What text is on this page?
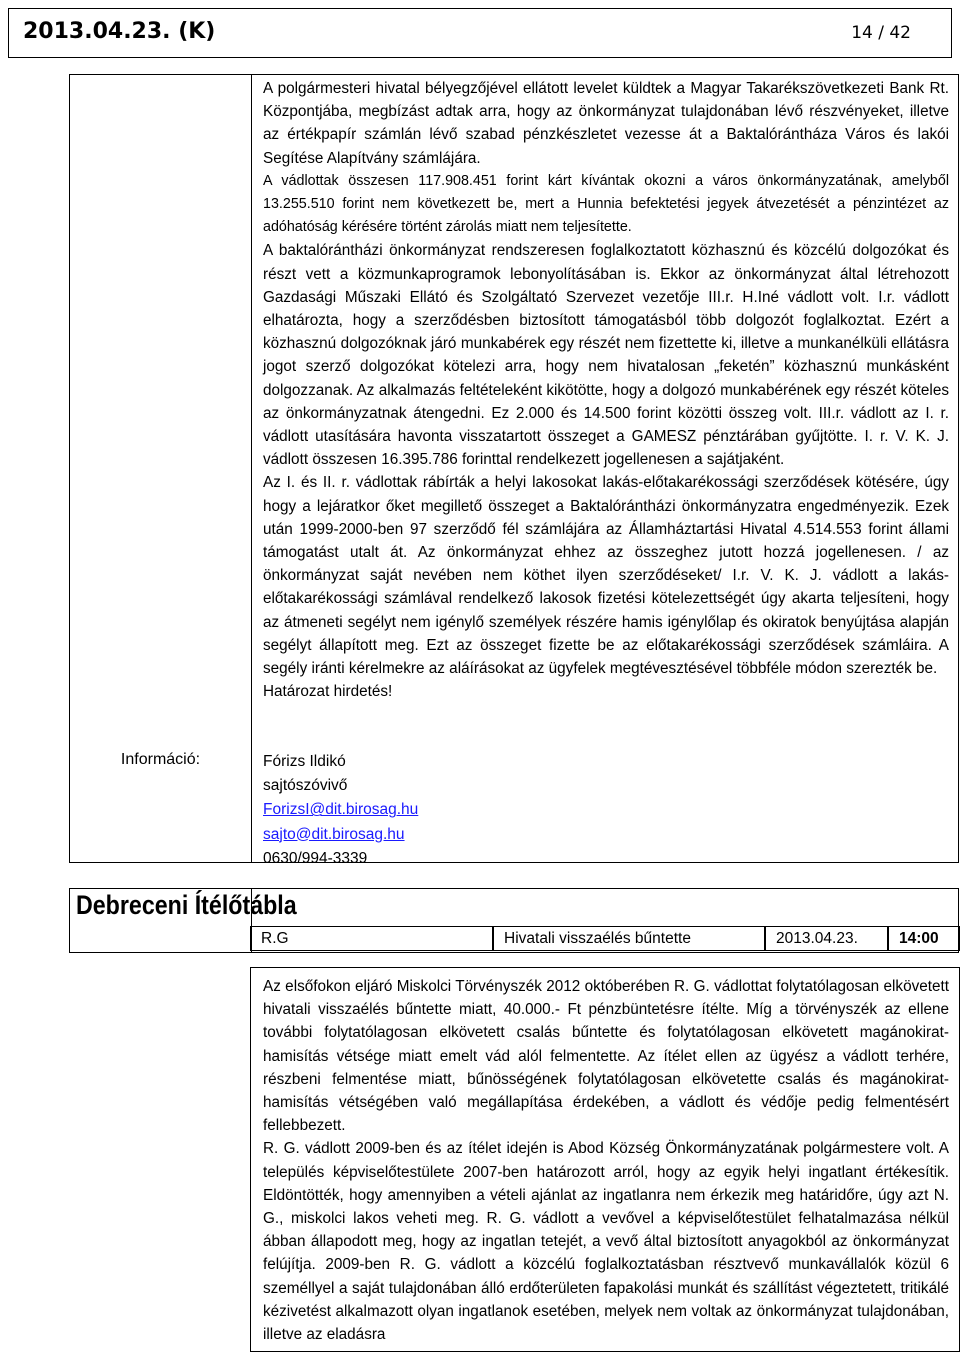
2013.04.23. (K)	14 / 42
Információ:

A polgármesteri hivatal bélyegzőjével ellátott levelet küldtek a Magyar Takarékszövetkezeti Bank Rt. Központjába, megbízást adtak arra, hogy az önkormányzat tulajdonában lévő részvényeket, illetve az értékpapír számlán lévő szabad pénzkészletet vezesse át a Baktalórántháza Város és lakói Segítése Alapítvány számlájára.

A vádlottak összesen 117.908.451 forint kárt kívántak okozni a város önkormányzatának, amelyből 13.255.510 forint nem következett be, mert a Hunnia befektetési jegyek átvezetését a pénzintézet az adóhatóság kérésére történt zárolás miatt nem teljesítette.

A baktalórántházi önkormányzat rendszeresen foglalkoztatott közhasznú és közcélú dolgozókat és részt vett a közmunkaprogramok lebonyolításában is. Ekkor az önkormányzat által létrehozott Gazdasági Műszaki Ellátó és Szolgáltató Szervezet vezetője III.r. H.Iné vádlott volt. I.r. vádlott elhatározta, hogy a szerződésben biztosított támogatásból több dolgozót foglalkoztat. Ezért a közhasznú dolgozóknak járó munkabérek egy részét nem fizettette ki, illetve a munkanélküli ellátásra jogot szerző dolgozókat kötelezi arra, hogy nem hivatalosan „feketén” közhasznú munkásként dolgozzanak. Az alkalmazás feltételeként kikötötte, hogy a dolgozó munkabérének egy részét köteles az önkormányzatnak átengedni. Ez 2.000 és 14.500 forint közötti összeg volt. III.r. vádlott az I. r. vádlott utasítására havonta visszatartott összeget a GAMESZ pénztárában gyűjtötte. I. r. V. K. J. vádlott összesen 16.395.786 forinttal rendelkezett jogellenesen a sajátjaként.

Az I. és II. r. vádlottak rábírták a helyi lakosokat lakás-előtakarékossági szerződések kötésére, úgy hogy a lejáratkor őket megillető összeget a Baktalórántházi önkormányzatra engedményezik. Ezek után 1999-2000-ben 97 szerződő fél számlájára az Államháztartási Hivatal 4.514.553 forint állami támogatást utalt át. Az önkormányzat ehhez az összeghez jutott hozzá jogellenesen. / az önkormányzat saját nevében nem köthet ilyen szerződéseket/ I.r. V. K. J. vádlott a lakás-előtakarékossági számlával rendelkező lakosok fizetési kötelezettségét úgy akarta teljesíteni, hogy az átmeneti segélyt nem igénylő személyek részére hamis igénylőlap és okiratok benyújtása alapján segélyt állapított meg. Ezt az összeget fizette be az előtakarékossági szerződések számláira. A segély iránti kérelmekre az aláírásokat az ügyfelek megtévesztésével többféle módon szerezték be.

Határozat hirdetés!

Fórizs Ildikó
sajtószóvivő
ForizsI@dit.birosag.hu
sajto@dit.birosag.hu
0630/994-3339
Debreceni Ítélőtábla
R.G	Hivatali visszaélés bűntette	2013.04.23.	14:00

Az elsőfokon eljáró Miskolci Törvényszék 2012 októberében R. G. vádlottat folytatólagosan elkövetett hivatali visszaélés bűntette miatt, 40.000.- Ft pénzbüntetésre ítélte. Míg a törvényszék az ellene további folytatólagosan elkövetett csalás bűntette és folytatólagosan elkövetett magánokirat-hamisítás vétsége miatt emelt vád alól felmentette. Az ítélet ellen az ügyész a vádlott terhére, részbeni felmentése miatt, bűnösségének folytatólagosan elkövetette csalás és magánokirat-hamisítás vétségében való megállapítása érdekében, a vádlott és védője pedig felmentésért fellebbezett.

R. G. vádlott 2009-ben és az ítélet idején is Abod Község Önkormányzatának polgármestere volt. A település képviselőtestülete 2007-ben határozott arról, hogy az egyik helyi ingatlant értékesítik. Eldöntötték, hogy amennyiben a vételi ajánlat az ingatlanra nem érkezik meg határidőre, úgy azt N. G., miskolci lakos veheti meg. R. G. vádlott a vevővel a képviselőtestület felhatalmazása nélkül ábban állapodott meg, hogy az ingatlan tetejét, a vevő által biztosított anyagokból az önkormányzat felújítja. 2009-ben R. G. vádlott a közcélú foglalkoztatásban résztvevő munkavállalók közül 6 személlyel a saját tulajdonában álló erdőterületen fapakolási munkát és szállítást végeztetett, tritikálé kézivetést alkalmazott olyan ingatlanok esetében, melyek nem voltak az önkormányzat tulajdonában, illetve az eladásra
